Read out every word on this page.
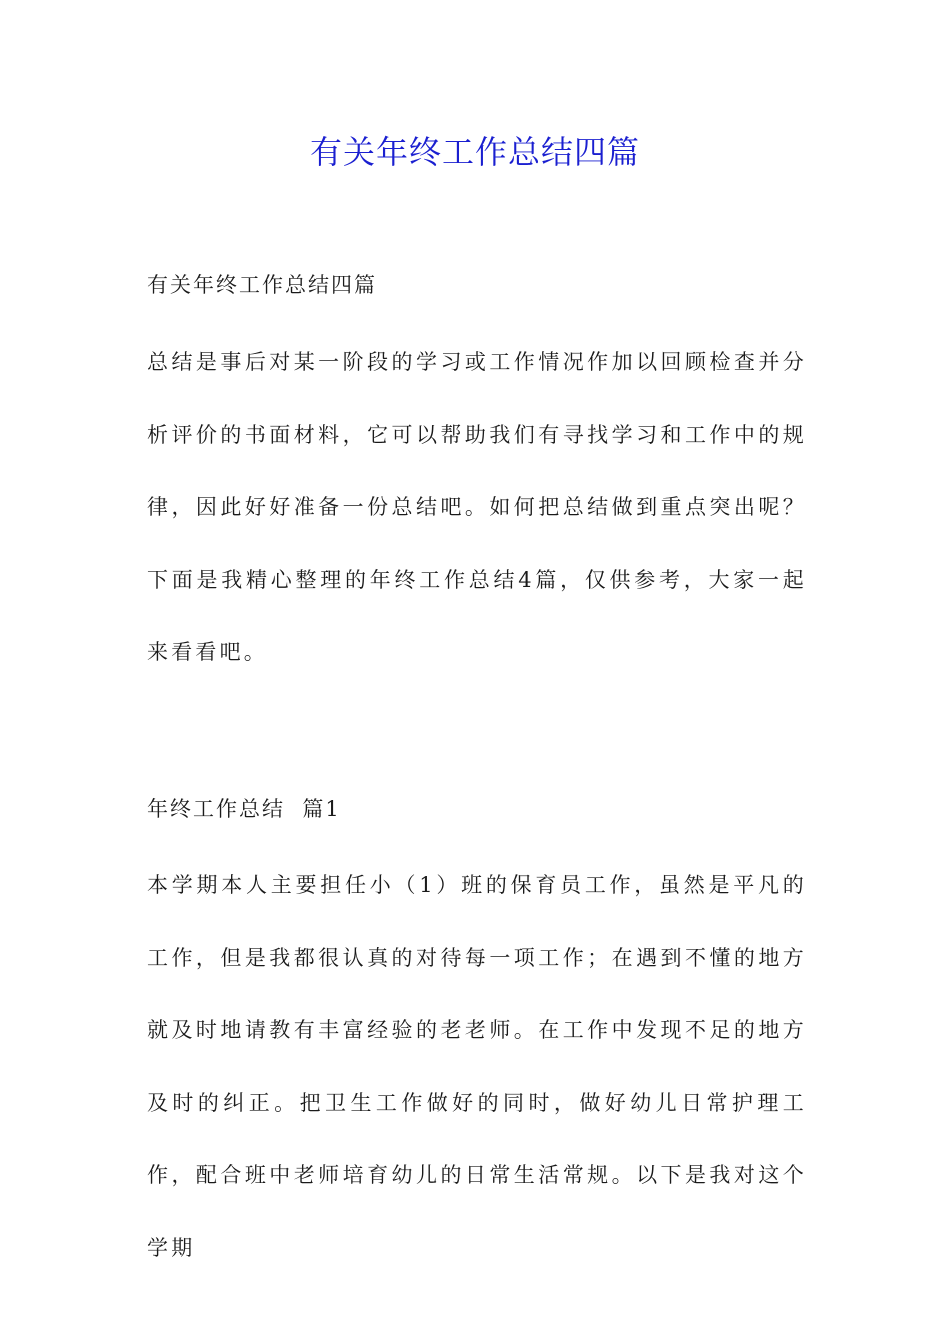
有关年终工作总结四篇
有关年终工作总结四篇
总结是事后对某一阶段的学习或工作情况作加以回顾检查并分析评价的书面材料，它可以帮助我们有寻找学习和工作中的规律，因此好好准备一份总结吧。如何把总结做到重点突出呢？下面是我精心整理的年终工作总结4篇，仅供参考，大家一起来看看吧。
年终工作总结  篇1
本学期本人主要担任小（1）班的保育员工作，虽然是平凡的工作，但是我都很认真的对待每一项工作；在遇到不懂的地方就及时地请教有丰富经验的老老师。在工作中发现不足的地方及时的纠正。把卫生工作做好的同时，做好幼儿日常护理工作，配合班中老师培育幼儿的日常生活常规。以下是我对这个学期
